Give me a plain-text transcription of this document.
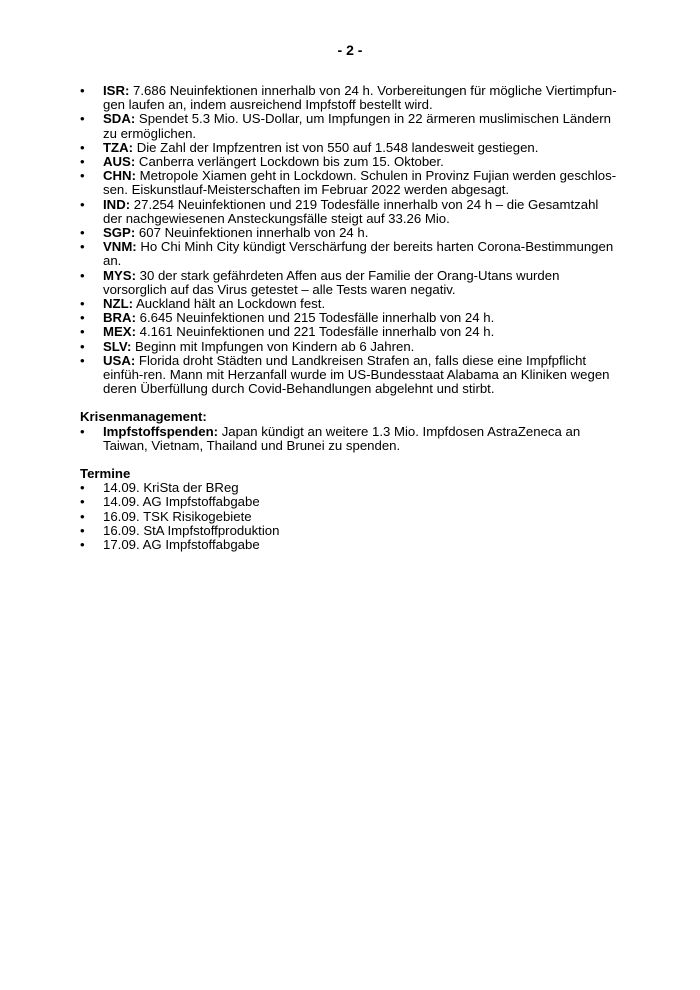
- 2 -
•	ISR: 7.686 Neuinfektionen innerhalb von 24 h. Vorbereitungen für mögliche Viertimpfun-gen laufen an, indem ausreichend Impfstoff bestellt wird.
•	SDA: Spendet 5.3 Mio. US-Dollar, um Impfungen in 22 ärmeren muslimischen Ländern zu ermöglichen.
•	TZA: Die Zahl der Impfzentren ist von 550 auf 1.548 landesweit gestiegen.
•	AUS: Canberra verlängert Lockdown bis zum 15. Oktober.
•	CHN: Metropole Xiamen geht in Lockdown. Schulen in Provinz Fujian werden geschlos-sen. Eiskunstlauf-Meisterschaften im Februar 2022 werden abgesagt.
•	IND: 27.254 Neuinfektionen und 219 Todesfälle innerhalb von 24 h – die Gesamtzahl der nachgewiesenen Ansteckungsfälle steigt auf 33.26 Mio.
•	SGP: 607 Neuinfektionen innerhalb von 24 h.
•	VNM: Ho Chi Minh City kündigt Verschärfung der bereits harten Corona-Bestimmungen an.
•	MYS: 30 der stark gefährdeten Affen aus der Familie der Orang-Utans wurden vorsorglich auf das Virus getestet – alle Tests waren negativ.
•	NZL: Auckland hält an Lockdown fest.
•	BRA: 6.645 Neuinfektionen und 215 Todesfälle innerhalb von 24 h.
•	MEX: 4.161 Neuinfektionen und 221 Todesfälle innerhalb von 24 h.
•	SLV: Beginn mit Impfungen von Kindern ab 6 Jahren.
•	USA: Florida droht Städten und Landkreisen Strafen an, falls diese eine Impfpflicht einfüh-ren. Mann mit Herzanfall wurde im US-Bundesstaat Alabama an Kliniken wegen deren Überfüllung durch Covid-Behandlungen abgelehnt und stirbt.
Krisenmanagement:
•	Impfstoffspenden: Japan kündigt an weitere 1.3 Mio. Impfdosen AstraZeneca an Taiwan, Vietnam, Thailand und Brunei zu spenden.
Termine
•	14.09. KriSta der BReg
•	14.09. AG Impfstoffabgabe
•	16.09. TSK Risikogebiete
•	16.09. StA Impfstoffproduktion
•	17.09. AG Impfstoffabgabe
